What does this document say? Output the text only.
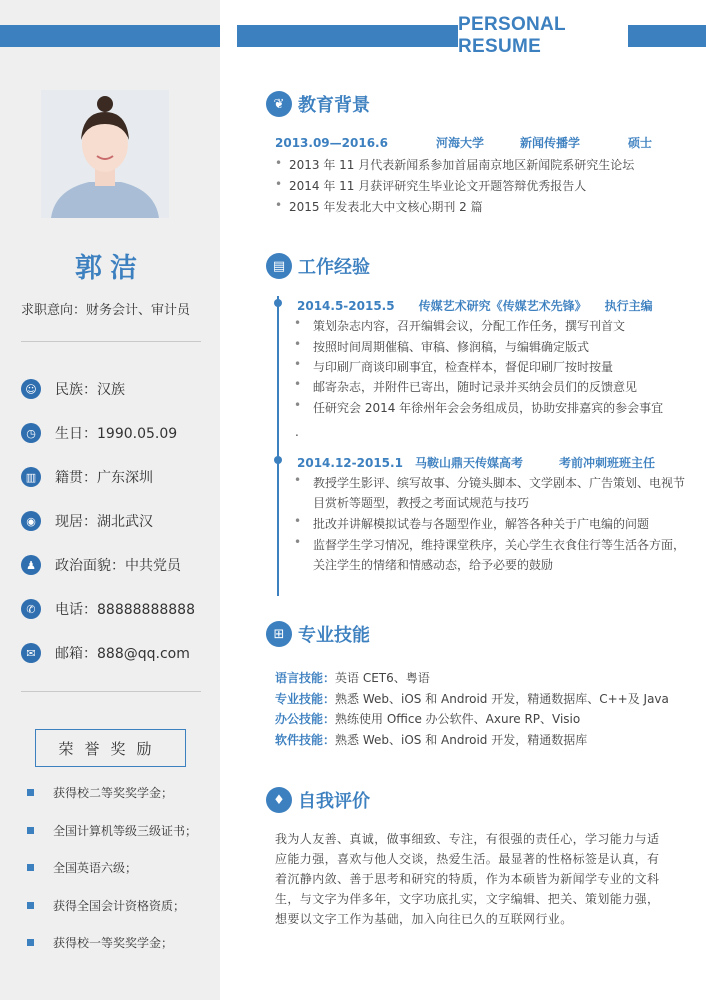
郭洁
求职意向：财务会计、审计员
☺	民族：汉族
◷	生日：1990.05.09
▥	籍贯：广东深圳
◉	现居：湖北武汉
♟	政治面貌：中共党员
✆	电话：88888888888
✉	邮箱：888@qq.com
荣誉奖励
获得校二等奖奖学金；
全国计算机等级三级证书；
全国英语六级；
获得全国会计资格资质；
获得校一等奖奖学金；
PERSONAL RESUME
❦ 教育背景
2013.09—2016.6　　　　河海大学　　　新闻传播学　　　　硕士
• 2013 年 11 月代表新闻系参加首届南京地区新闻院系研究生论坛
• 2014 年 11 月获评研究生毕业论文开题答辩优秀报告人
• 2015 年发表北大中文核心期刊 2 篇
▤ 工作经验
2014.5-2015.5　　传媒艺术研究《传媒艺术先锋》　　执行主编
• 策划杂志内容，召开编辑会议，分配工作任务，撰写刊首文
• 按照时间周期催稿、审稿、修润稿，与编辑确定版式
• 与印刷厂商谈印刷事宜，检查样本，督促印刷厂按时按量
• 邮寄杂志，并附件已寄出，随时记录并买纳会员们的反馈意见
• 任研究会 2014 年徐州年会会务组成员，协助安排嘉宾的参会事宜
.
2014.12-2015.1　马鞍山鼎天传媒高考　　　考前冲刺班班主任
• 教授学生影评、缤写故事、分镜头脚本、文学剧本、广告策划、电视节目赏析等题型，教授之考面试规范与技巧
• 批改并讲解模拟试卷与各题型作业，解答各种关于广电编的问题
• 监督学生学习情况，维持课堂秩序，关心学生衣食住行等生活各方面，关注学生的情绪和情感动态，给予必要的鼓励
⊞ 专业技能
语言技能：英语 CET6、粤语
专业技能：熟悉 Web、iOS 和 Android 开发，精通数据库、C++及 Java
办公技能：熟练使用 Office 办公软件、Axure RP、Visio
软件技能：熟悉 Web、iOS 和 Android 开发，精通数据库
♦ 自我评价
我为人友善、真诚，做事细致、专注，有很强的责任心，学习能力与适应能力强，喜欢与他人交谈，热爱生活。最显著的性格标签是认真，有着沉静内敛、善于思考和研究的特质，作为本硕皆为新闻学专业的文科生，与文字为伴多年，文字功底扎实，文字编辑、把关、策划能力强，想要以文字工作为基础，加入向往已久的互联网行业。
